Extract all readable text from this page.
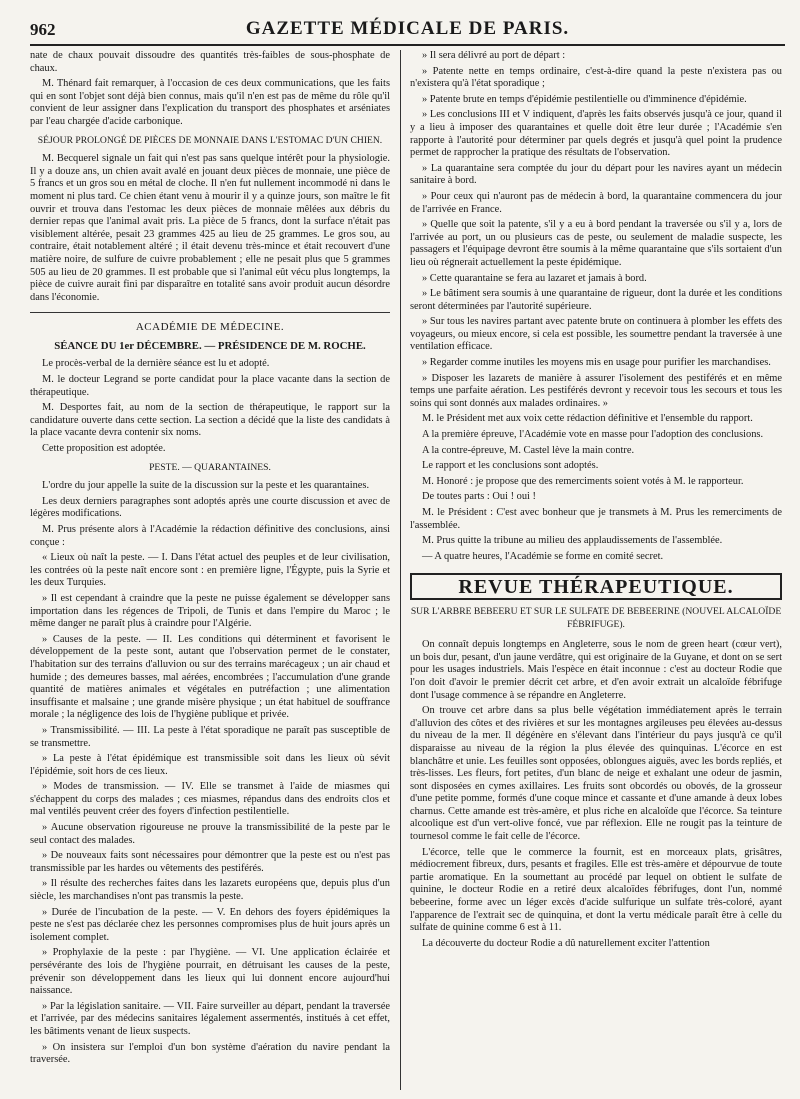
962	GAZETTE MÉDICALE DE PARIS.

nate de chaux pouvait dissoudre des quantités très-faibles de sous-phosphate de chaux.

M. Thénard fait remarquer, à l'occasion de ces deux communications, que les faits qui en sont l'objet sont déjà bien connus, mais qu'il n'en est pas de même du rôle qu'il convient de leur assigner dans l'explication du transport des phosphates et arséniates par l'eau chargée d'acide carbonique.

SÉJOUR PROLONGÉ DE PIÈCES DE MONNAIE DANS L'ESTOMAC D'UN CHIEN.

M. Becquerel signale un fait qui n'est pas sans quelque intérêt pour la physiologie. Il y a douze ans, un chien avait avalé en jouant deux pièces de monnaie, une pièce de 5 francs et un gros sou en métal de cloche. Il n'en fut nullement incommodé ni dans le moment ni plus tard. Ce chien étant venu à mourir il y a quinze jours, son maître le fit ouvrir et trouva dans l'estomac les deux pièces de monnaie mêlées aux débris du dernier repas que l'animal avait pris. La pièce de 5 francs, dont la surface n'était pas visiblement altérée, pesait 23 grammes 425 au lieu de 25 grammes. Le gros sou, au contraire, était notablement altéré ; il était devenu très-mince et était recouvert d'une matière noire, de sulfure de cuivre probablement ; elle ne pesait plus que 5 grammes 505 au lieu de 20 grammes. Il est probable que si l'animal eût vécu plus longtemps, la pièce de cuivre aurait fini par disparaître en totalité sans avoir produit aucun désordre dans l'économie.

ACADÉMIE DE MÉDECINE.
SÉANCE DU 1er DÉCEMBRE. — PRÉSIDENCE DE M. ROCHE.

Le procès-verbal de la dernière séance est lu et adopté.

M. le docteur Legrand se porte candidat pour la place vacante dans la section de thérapeutique.

M. Desportes fait, au nom de la section de thérapeutique, le rapport sur la candidature ouverte dans cette section. La section a décidé que la liste des candidats à la place vacante devra contenir six noms.

Cette proposition est adoptée.

PESTE. — QUARANTAINES.

L'ordre du jour appelle la suite de la discussion sur la peste et les quarantaines.

Les deux derniers paragraphes sont adoptés après une courte discussion et avec de légères modifications.

M. Prus présente alors à l'Académie la rédaction définitive des conclusions, ainsi conçue :

« Lieux où naît la peste. — I. Dans l'état actuel des peuples et de leur civilisation, les contrées où la peste naît encore sont : en première ligne, l'Égypte, puis la Syrie et les deux Turquies.

» Il est cependant à craindre que la peste ne puisse également se développer sans importation dans les régences de Tripoli, de Tunis et dans l'empire du Maroc ; le même danger ne paraît plus à craindre pour l'Algérie.

» Causes de la peste. — II. Les conditions qui déterminent et favorisent le développement de la peste sont, autant que l'observation permet de le constater, l'habitation sur des terrains d'alluvion ou sur des terrains marécageux ; un air chaud et humide ; des demeures basses, mal aérées, encombrées ; l'accumulation d'une grande quantité de matières animales et végétales en putréfaction ; une alimentation insuffisante et malsaine ; une grande misère physique ; un état habituel de souffrance morale ; la négligence des lois de l'hygiène publique et privée.

» Transmissibilité. — III. La peste à l'état sporadique ne paraît pas susceptible de se transmettre.

» La peste à l'état épidémique est transmissible soit dans les lieux où sévit l'épidémie, soit hors de ces lieux.

» Modes de transmission. — IV. Elle se transmet à l'aide de miasmes qui s'échappent du corps des malades ; ces miasmes, répandus dans des endroits clos et mal ventilés peuvent créer des foyers d'infection pestilentielle.

» Aucune observation rigoureuse ne prouve la transmissibilité de la peste par le seul contact des malades.

» De nouveaux faits sont nécessaires pour démontrer que la peste est ou n'est pas transmissible par les hardes ou vêtements des pestiférés.

» Il résulte des recherches faites dans les lazarets européens que, depuis plus d'un siècle, les marchandises n'ont pas transmis la peste.

» Durée de l'incubation de la peste. — V. En dehors des foyers épidémiques la peste ne s'est pas déclarée chez les personnes compromises plus de huit jours après un isolement complet.

» Prophylaxie de la peste : par l'hygiène. — VI. Une application éclairée et persévérante des lois de l'hygiène pourrait, en détruisant les causes de la peste, prévenir son développement dans les lieux qui lui donnent encore aujourd'hui naissance.

» Par la législation sanitaire. — VII. Faire surveiller au départ, pendant la traversée et l'arrivée, par des médecins sanitaires légalement assermentés, institués à cet effet, les bâtiments venant de lieux suspects.

» On insistera sur l'emploi d'un bon système d'aération du navire pendant la traversée.

» Il sera délivré au port de départ :

» Patente nette en temps ordinaire, c'est-à-dire quand la peste n'existera pas ou n'existera qu'à l'état sporadique ;

» Patente brute en temps d'épidémie pestilentielle ou d'imminence d'épidémie.

» Les conclusions III et V indiquent, d'après les faits observés jusqu'à ce jour, quand il y a lieu à imposer des quarantaines et quelle doit être leur durée ; l'Académie s'en rapporte à l'autorité pour déterminer par quels degrés et jusqu'à quel point la prudence permet de rapprocher la pratique des résultats de l'observation.

» La quarantaine sera comptée du jour du départ pour les navires ayant un médecin sanitaire à bord.

» Pour ceux qui n'auront pas de médecin à bord, la quarantaine commencera du jour de l'arrivée en France.

» Quelle que soit la patente, s'il y a eu à bord pendant la traversée ou s'il y a, lors de l'arrivée au port, un ou plusieurs cas de peste, ou seulement de maladie suspecte, les passagers et l'équipage devront être soumis à la même quarantaine que s'ils sortaient d'un lieu où régnerait actuellement la peste épidémique.

» Cette quarantaine se fera au lazaret et jamais à bord.

» Le bâtiment sera soumis à une quarantaine de rigueur, dont la durée et les conditions seront déterminées par l'autorité supérieure.

» Sur tous les navires partant avec patente brute on continuera à plomber les effets des voyageurs, ou mieux encore, si cela est possible, les soumettre pendant la traversée à une ventilation efficace.

» Regarder comme inutiles les moyens mis en usage pour purifier les marchandises.

» Disposer les lazarets de manière à assurer l'isolement des pestiférés et en même temps une parfaite aération. Les pestiférés devront y recevoir tous les secours et tous les soins qui sont donnés aux malades ordinaires. »

M. le Président met aux voix cette rédaction définitive et l'ensemble du rapport.

A la première épreuve, l'Académie vote en masse pour l'adoption des conclusions.

A la contre-épreuve, M. Castel lève la main contre.

Le rapport et les conclusions sont adoptés.

M. Honoré : je propose que des remerciments soient votés à M. le rapporteur.

De toutes parts : Oui ! oui !

M. le Président : C'est avec bonheur que je transmets à M. Prus les remerciments de l'assemblée.

M. Prus quitte la tribune au milieu des applaudissements de l'assemblée.

— A quatre heures, l'Académie se forme en comité secret.

REVUE THÉRAPEUTIQUE.
SUR L'ARBRE BEBEERU ET SUR LE SULFATE DE BEBEERINE (NOUVEL ALCALOÏDE FÉBRIFUGE).

On connaît depuis longtemps en Angleterre, sous le nom de green heart (cœur vert), un bois dur, pesant, d'un jaune verdâtre, qui est originaire de la Guyane, et dont on se sert pour les usages industriels. Mais l'espèce en était inconnue : c'est au docteur Rodie que l'on doit d'avoir le premier décrit cet arbre, et d'en avoir extrait un alcaloïde fébrifuge dont l'usage commence à se répandre en Angleterre.

On trouve cet arbre dans sa plus belle végétation immédiatement après le terrain d'alluvion des côtes et des rivières et sur les montagnes argileuses peu élevées au-dessus du niveau de la mer. Il dégénère en s'élevant dans l'intérieur du pays jusqu'à ce qu'il disparaisse au niveau de la région la plus élevée des quinquinas. L'écorce en est blanchâtre et unie. Les feuilles sont opposées, oblongues aiguës, avec les bords repliés, et très-lisses. Les fleurs, fort petites, d'un blanc de neige et exhalant une odeur de jasmin, sont disposées en cymes axillaires. Les fruits sont obcordés ou obovés, de la grosseur d'une petite pomme, formés d'une coque mince et cassante et d'une amande à deux lobes charnus. Cette amande est très-amère, et plus riche en alcaloïde que l'écorce. Sa teinture alcoolique est d'un vert-olive foncé, vue par réflexion. Elle ne rougit pas la teinture de tournesol comme le fait celle de l'écorce.

L'écorce, telle que le commerce la fournit, est en morceaux plats, grisâtres, médiocrement fibreux, durs, pesants et fragiles. Elle est très-amère et dépourvue de toute partie aromatique. En la soumettant au procédé par lequel on obtient le sulfate de quinine, le docteur Rodie en a retiré deux alcaloïdes fébrifuges, dont l'un, nommé bebeerine, forme avec un léger excès d'acide sulfurique un sulfate très-coloré, ayant l'apparence de l'extrait sec de quinquina, et dont la vertu médicale paraît être à celle du sulfate de quinine comme 6 est à 11.

La découverte du docteur Rodie a dû naturellement exciter l'attention
